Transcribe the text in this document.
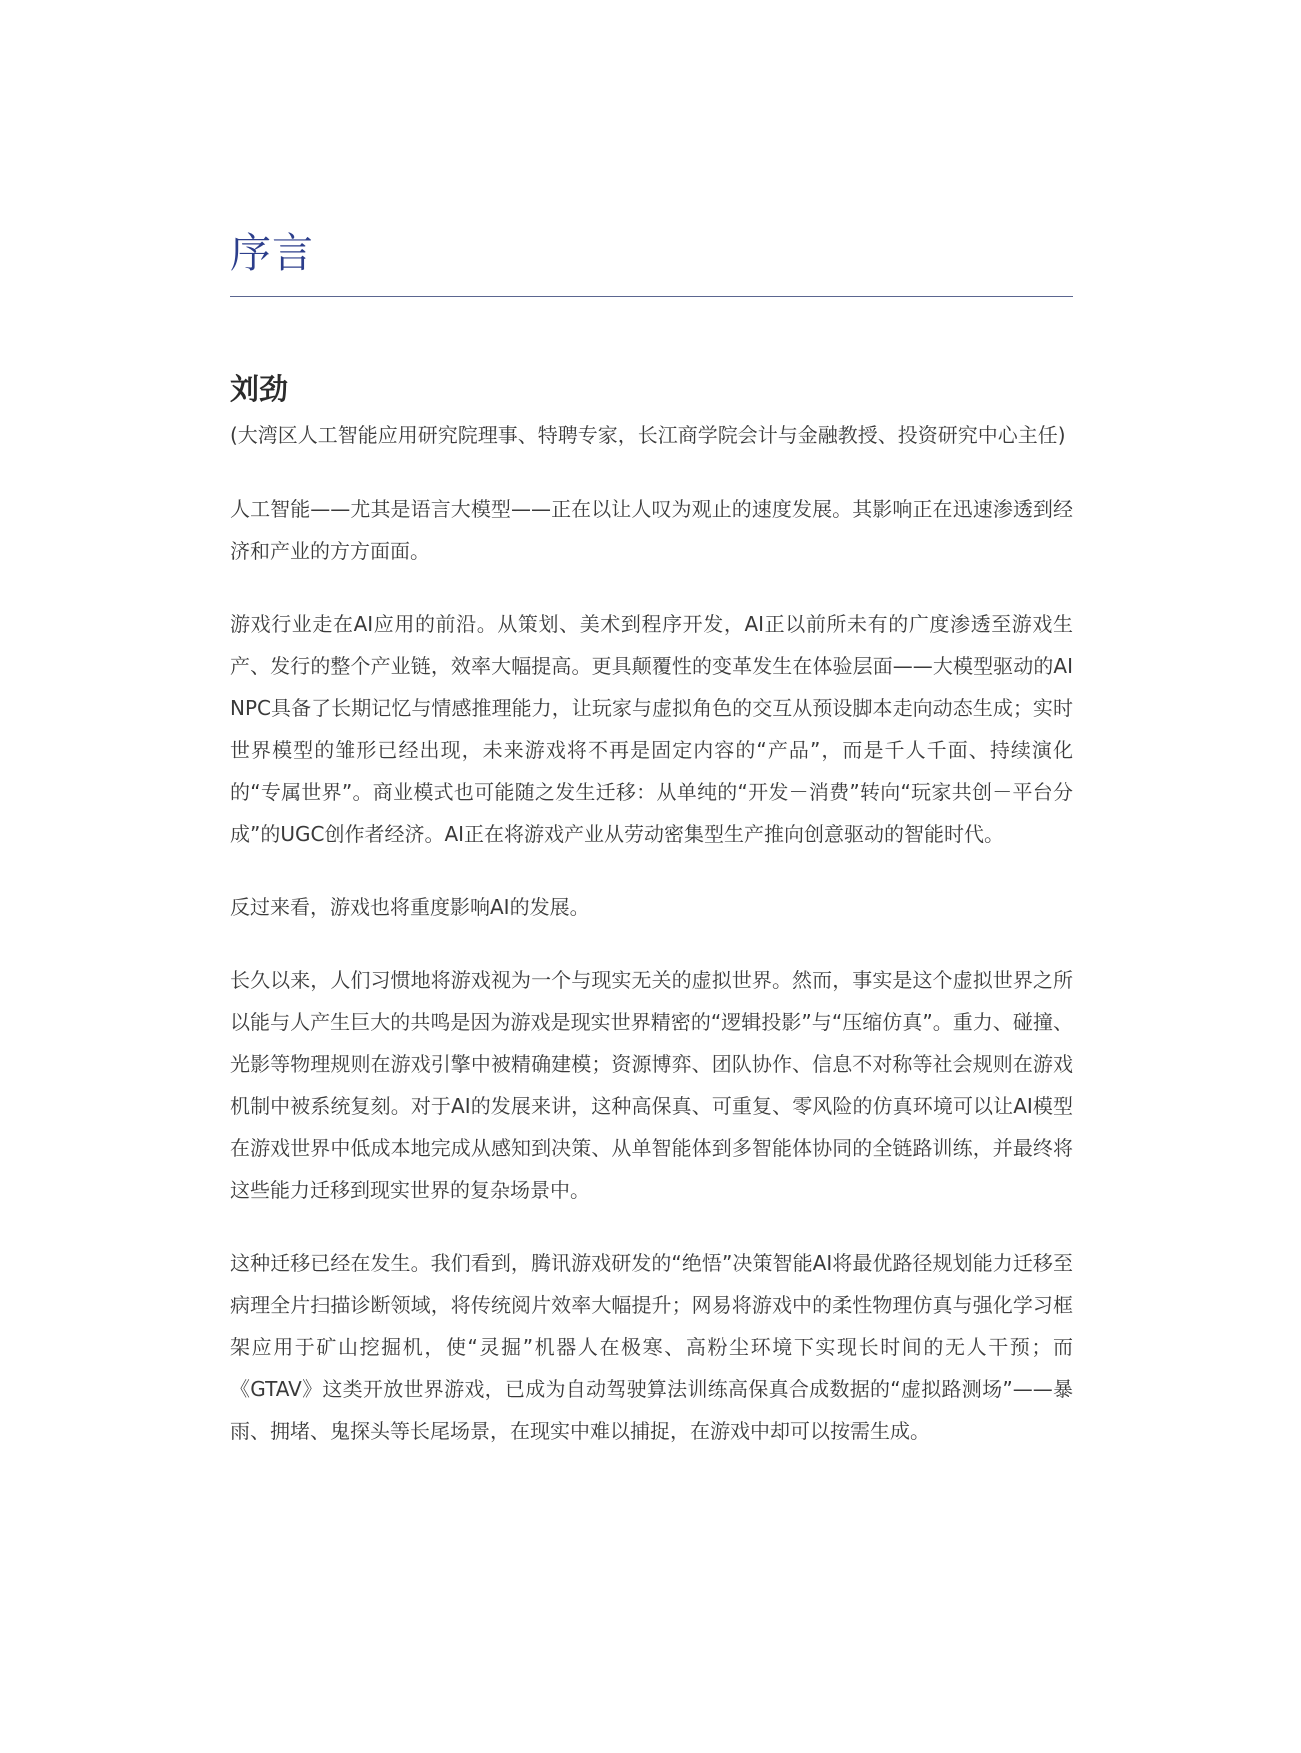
序言
刘劲

(大湾区人工智能应用研究院理事、特聘专家，长江商学院会计与金融教授、投资研究中心主任)

人工智能——尤其是语言大模型——正在以让人叹为观止的速度发展。其影响正在迅速渗透到经济和产业的方方面面。

游戏行业走在AI应用的前沿。从策划、美术到程序开发，AI正以前所未有的广度渗透至游戏生产、发行的整个产业链，效率大幅提高。更具颠覆性的变革发生在体验层面——大模型驱动的AI NPC具备了长期记忆与情感推理能力，让玩家与虚拟角色的交互从预设脚本走向动态生成；实时世界模型的雏形已经出现，未来游戏将不再是固定内容的“产品”，而是千人千面、持续演化的“专属世界”。商业模式也可能随之发生迁移：从单纯的“开发－消费”转向“玩家共创－平台分成”的UGC创作者经济。AI正在将游戏产业从劳动密集型生产推向创意驱动的智能时代。

反过来看，游戏也将重度影响AI的发展。

长久以来，人们习惯地将游戏视为一个与现实无关的虚拟世界。然而，事实是这个虚拟世界之所以能与人产生巨大的共鸣是因为游戏是现实世界精密的“逻辑投影”与“压缩仿真”。重力、碰撞、光影等物理规则在游戏引擎中被精确建模；资源博弈、团队协作、信息不对称等社会规则在游戏机制中被系统复刻。对于AI的发展来讲，这种高保真、可重复、零风险的仿真环境可以让AI模型在游戏世界中低成本地完成从感知到决策、从单智能体到多智能体协同的全链路训练，并最终将这些能力迁移到现实世界的复杂场景中。

这种迁移已经在发生。我们看到，腾讯游戏研发的“绝悟”决策智能AI将最优路径规划能力迁移至病理全片扫描诊断领域，将传统阅片效率大幅提升；网易将游戏中的柔性物理仿真与强化学习框架应用于矿山挖掘机，使“灵掘”机器人在极寒、高粉尘环境下实现长时间的无人干预；而《GTAV》这类开放世界游戏，已成为自动驾驶算法训练高保真合成数据的“虚拟路测场”——暴雨、拥堵、鬼探头等长尾场景，在现实中难以捕捉，在游戏中却可以按需生成。
